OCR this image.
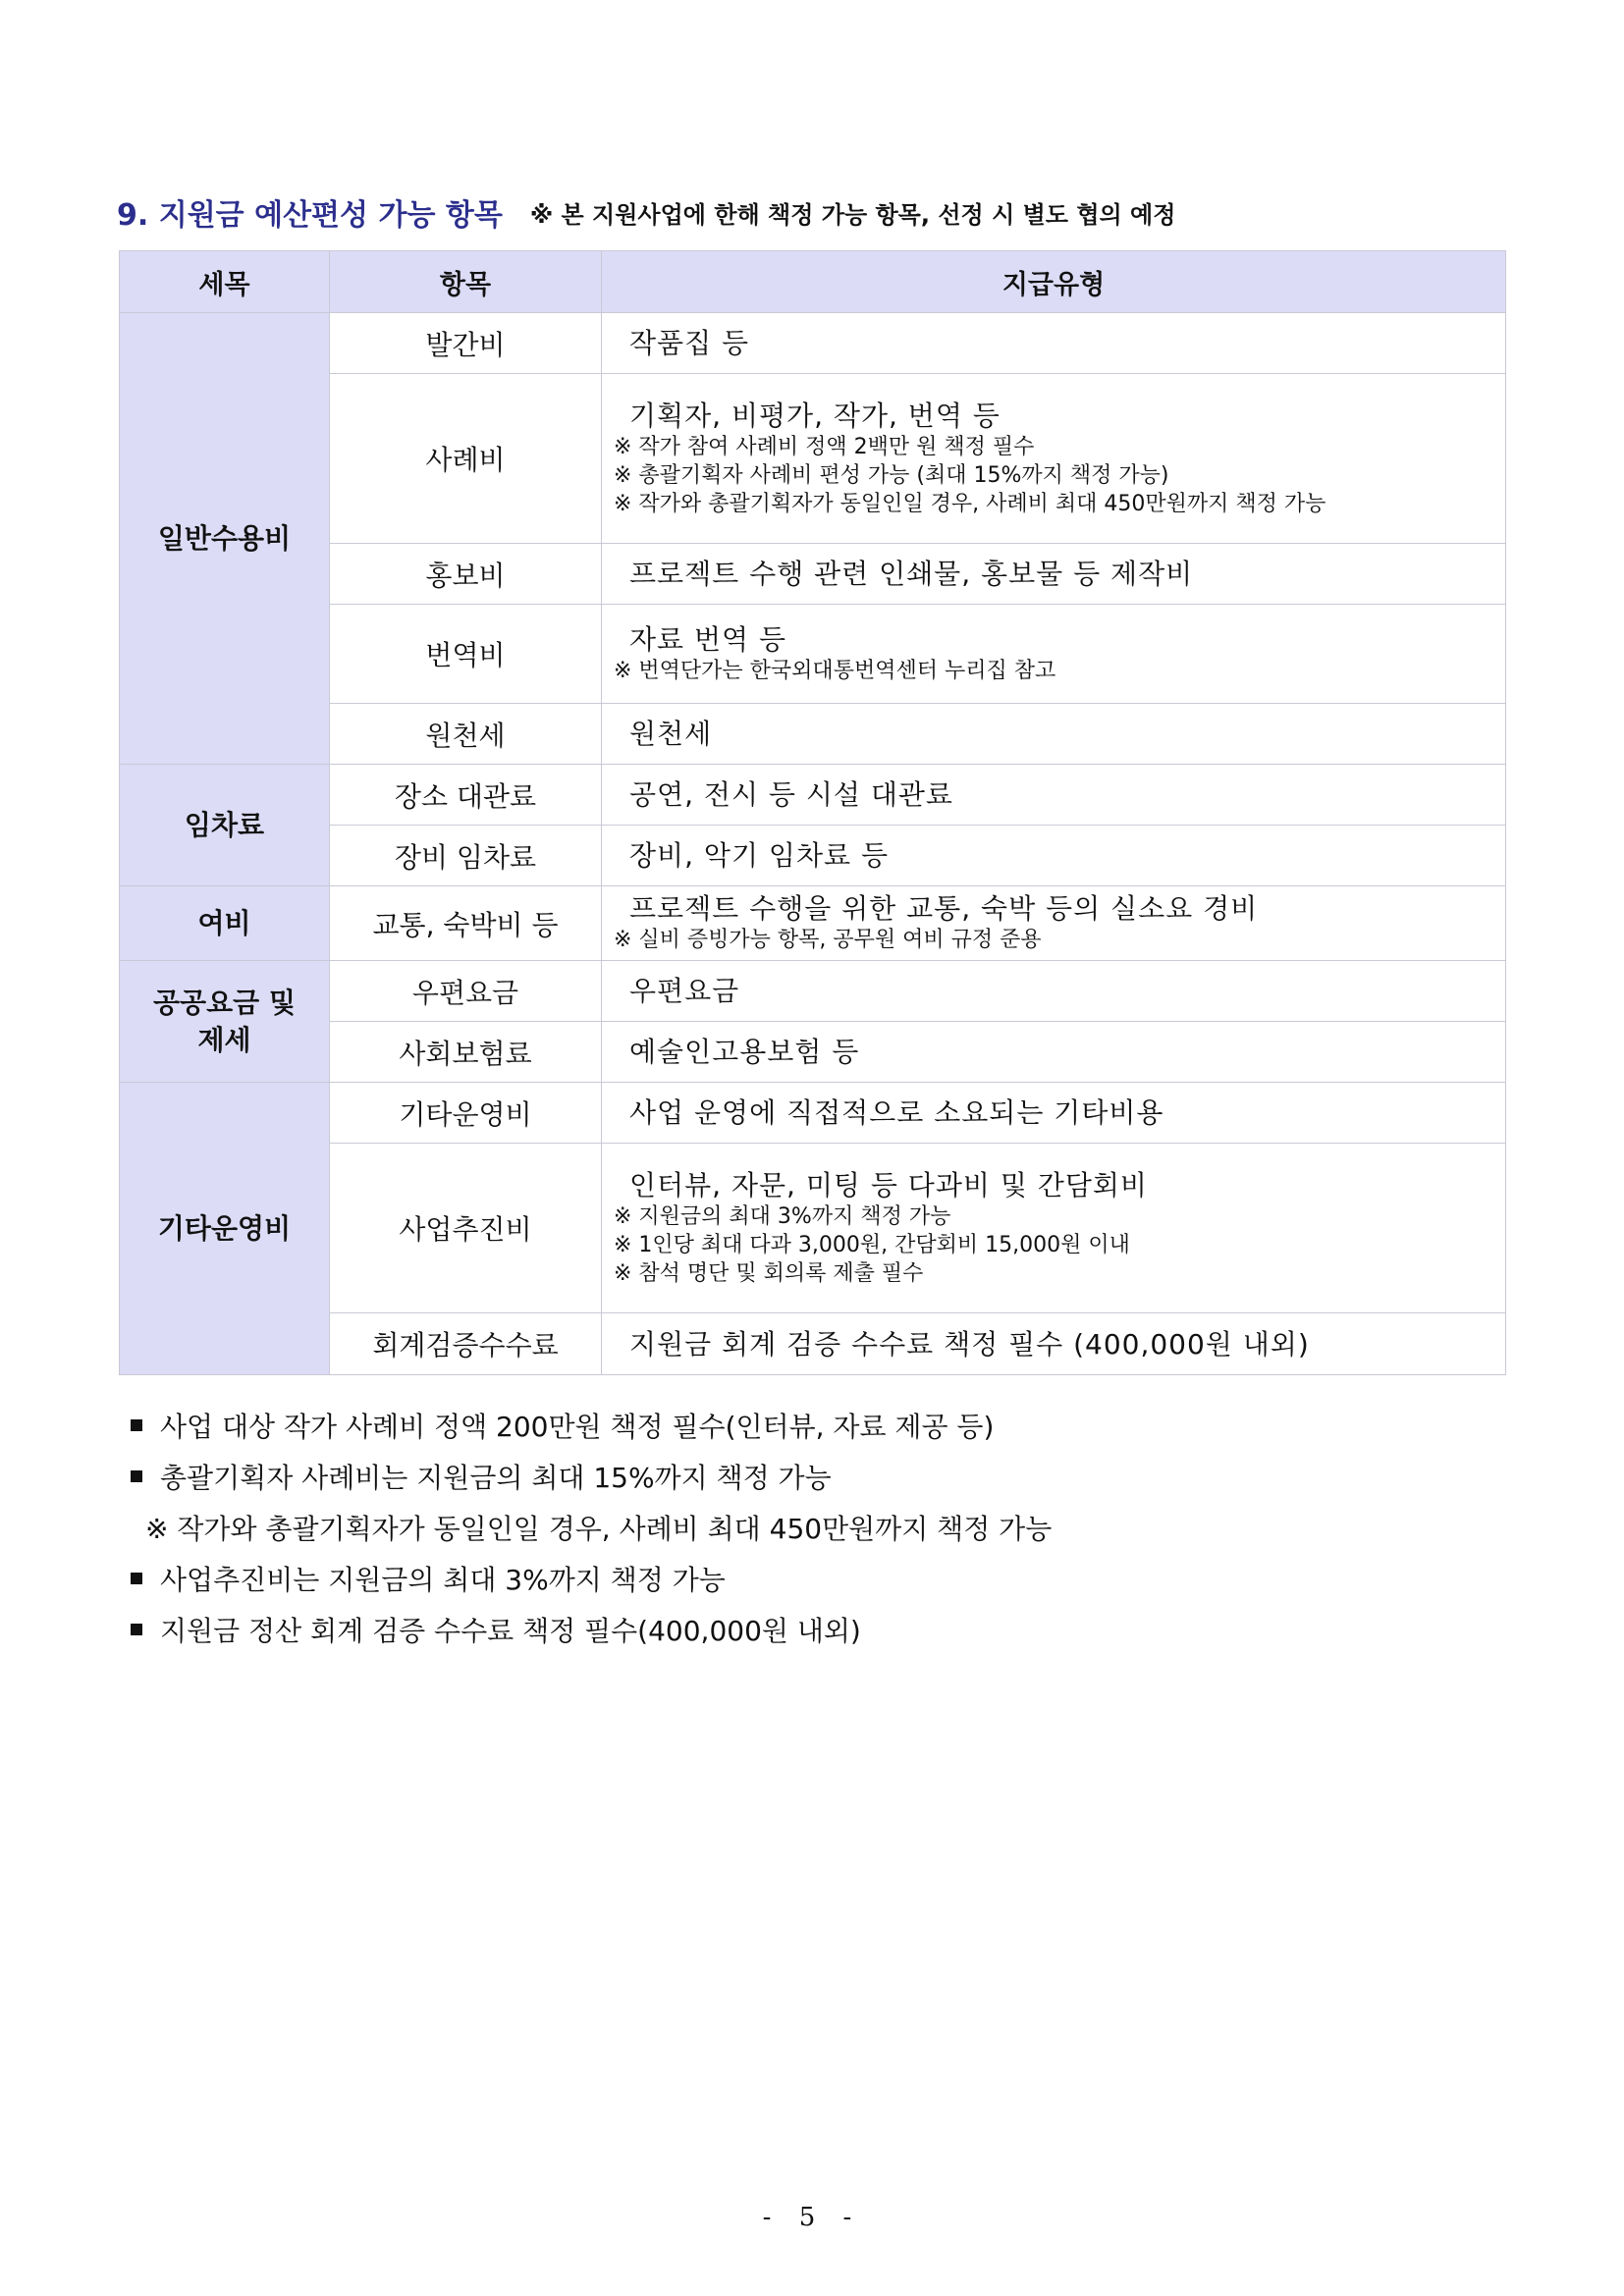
9. 지원금 예산편성 가능 항목 ※ 본 지원사업에 한해 책정 가능 항목, 선정 시 별도 협의 예정
세목	항목	지급유형
일반수용비	발간비	작품집 등

	사례비	기획자, 비평가, 작가, 번역 등
※ 작가 참여 사례비 정액 2백만 원 책정 필수
※ 총괄기획자 사례비 편성 가능 (최대 15%까지 책정 가능)
※ 작가와 총괄기획자가 동일인일 경우, 사례비 최대 450만원까지 책정 가능

	홍보비	프로젝트 수행 관련 인쇄물, 홍보물 등 제작비

	번역비	자료 번역 등
※ 번역단가는 한국외대통번역센터 누리집 참고

	원천세	원천세

임차료	장소 대관료	공연, 전시 등 시설 대관료

	장비 임차료	장비, 악기 임차료 등

여비	교통, 숙박비 등	프로젝트 수행을 위한 교통, 숙박 등의 실소요 경비
※ 실비 증빙가능 항목, 공무원 여비 규정 준용

공공요금 및
제세	우편요금	우편요금

	사회보험료	예술인고용보험 등

기타운영비	기타운영비	사업 운영에 직접적으로 소요되는 기타비용

	사업추진비	인터뷰, 자문, 미팅 등 다과비 및 간담회비
※ 지원금의 최대 3%까지 책정 가능
※ 1인당 최대 다과 3,000원, 간담회비 15,000원 이내
※ 참석 명단 및 회의록 제출 필수

	회계검증수수료	지원금 회계 검증 수수료 책정 필수 (400,000원 내외)
사업 대상 작가 사례비 정액 200만원 책정 필수(인터뷰, 자료 제공 등)
총괄기획자 사례비는 지원금의 최대 15%까지 책정 가능
※ 작가와 총괄기획자가 동일인일 경우, 사례비 최대 450만원까지 책정 가능
사업추진비는 지원금의 최대 3%까지 책정 가능
지원금 정산 회계 검증 수수료 책정 필수(400,000원 내외)
- 5 -
